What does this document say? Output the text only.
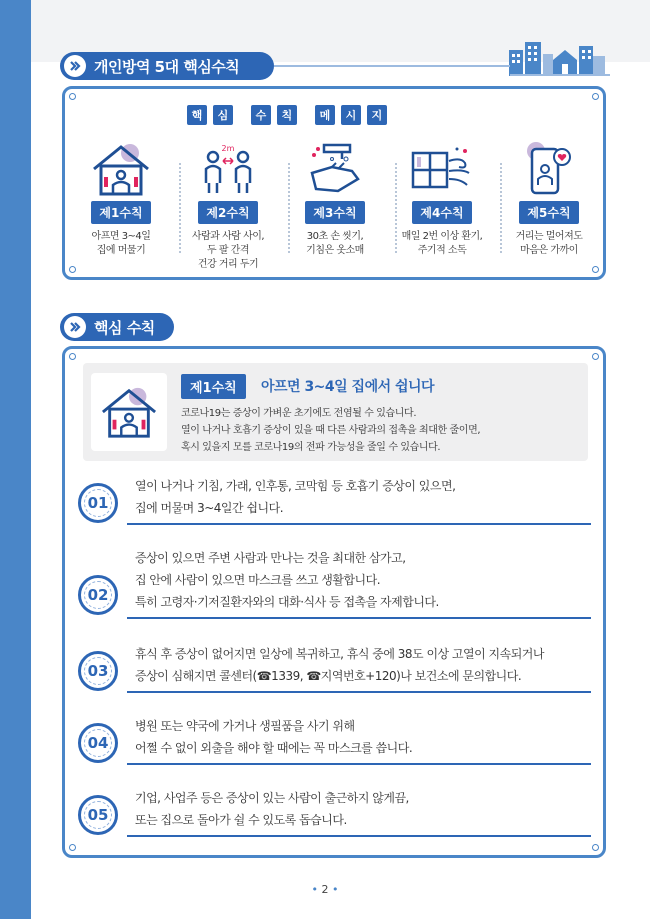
개인방역 5대 핵심수칙
핵	심	수	칙	메	시	지
제1수칙
아프면 3~4일
집에 머물기
2m
제2수칙
사람과 사람 사이,
두 팔 간격
건강 거리 두기
제3수칙
30초 손 씻기,
기침은 옷소매
제4수칙
매일 2번 이상 환기,
주기적 소독
제5수칙
거리는 멀어져도
마음은 가까이
핵심 수칙
제1수칙	아프면 3~4일 집에서 쉽니다
코로나19는 증상이 가벼운 초기에도 전염될 수 있습니다.
열이 나거나 호흡기 증상이 있을 때 다른 사람과의 접촉을 최대한 줄이면,
혹시 있을지 모를 코로나19의 전파 가능성을 줄일 수 있습니다.
01
열이 나거나 기침, 가래, 인후통, 코막힘 등 호흡기 증상이 있으면,
집에 머물며 3~4일간 쉽니다.
02
증상이 있으면 주변 사람과 만나는 것을 최대한 삼가고,
집 안에 사람이 있으면 마스크를 쓰고 생활합니다.
특히 고령자·기저질환자와의 대화·식사 등 접촉을 자제합니다.
03
휴식 후 증상이 없어지면 일상에 복귀하고, 휴식 중에 38도 이상 고열이 지속되거나
증상이 심해지면 콜센터(☎1339, ☎지역번호+120)나 보건소에 문의합니다.
04
병원 또는 약국에 가거나 생필품을 사기 위해
어쩔 수 없이 외출을 해야 할 때에는 꼭 마스크를 씁니다.
05
기업, 사업주 등은 증상이 있는 사람이 출근하지 않게끔,
또는 집으로 돌아가 쉴 수 있도록 돕습니다.
• 2 •
